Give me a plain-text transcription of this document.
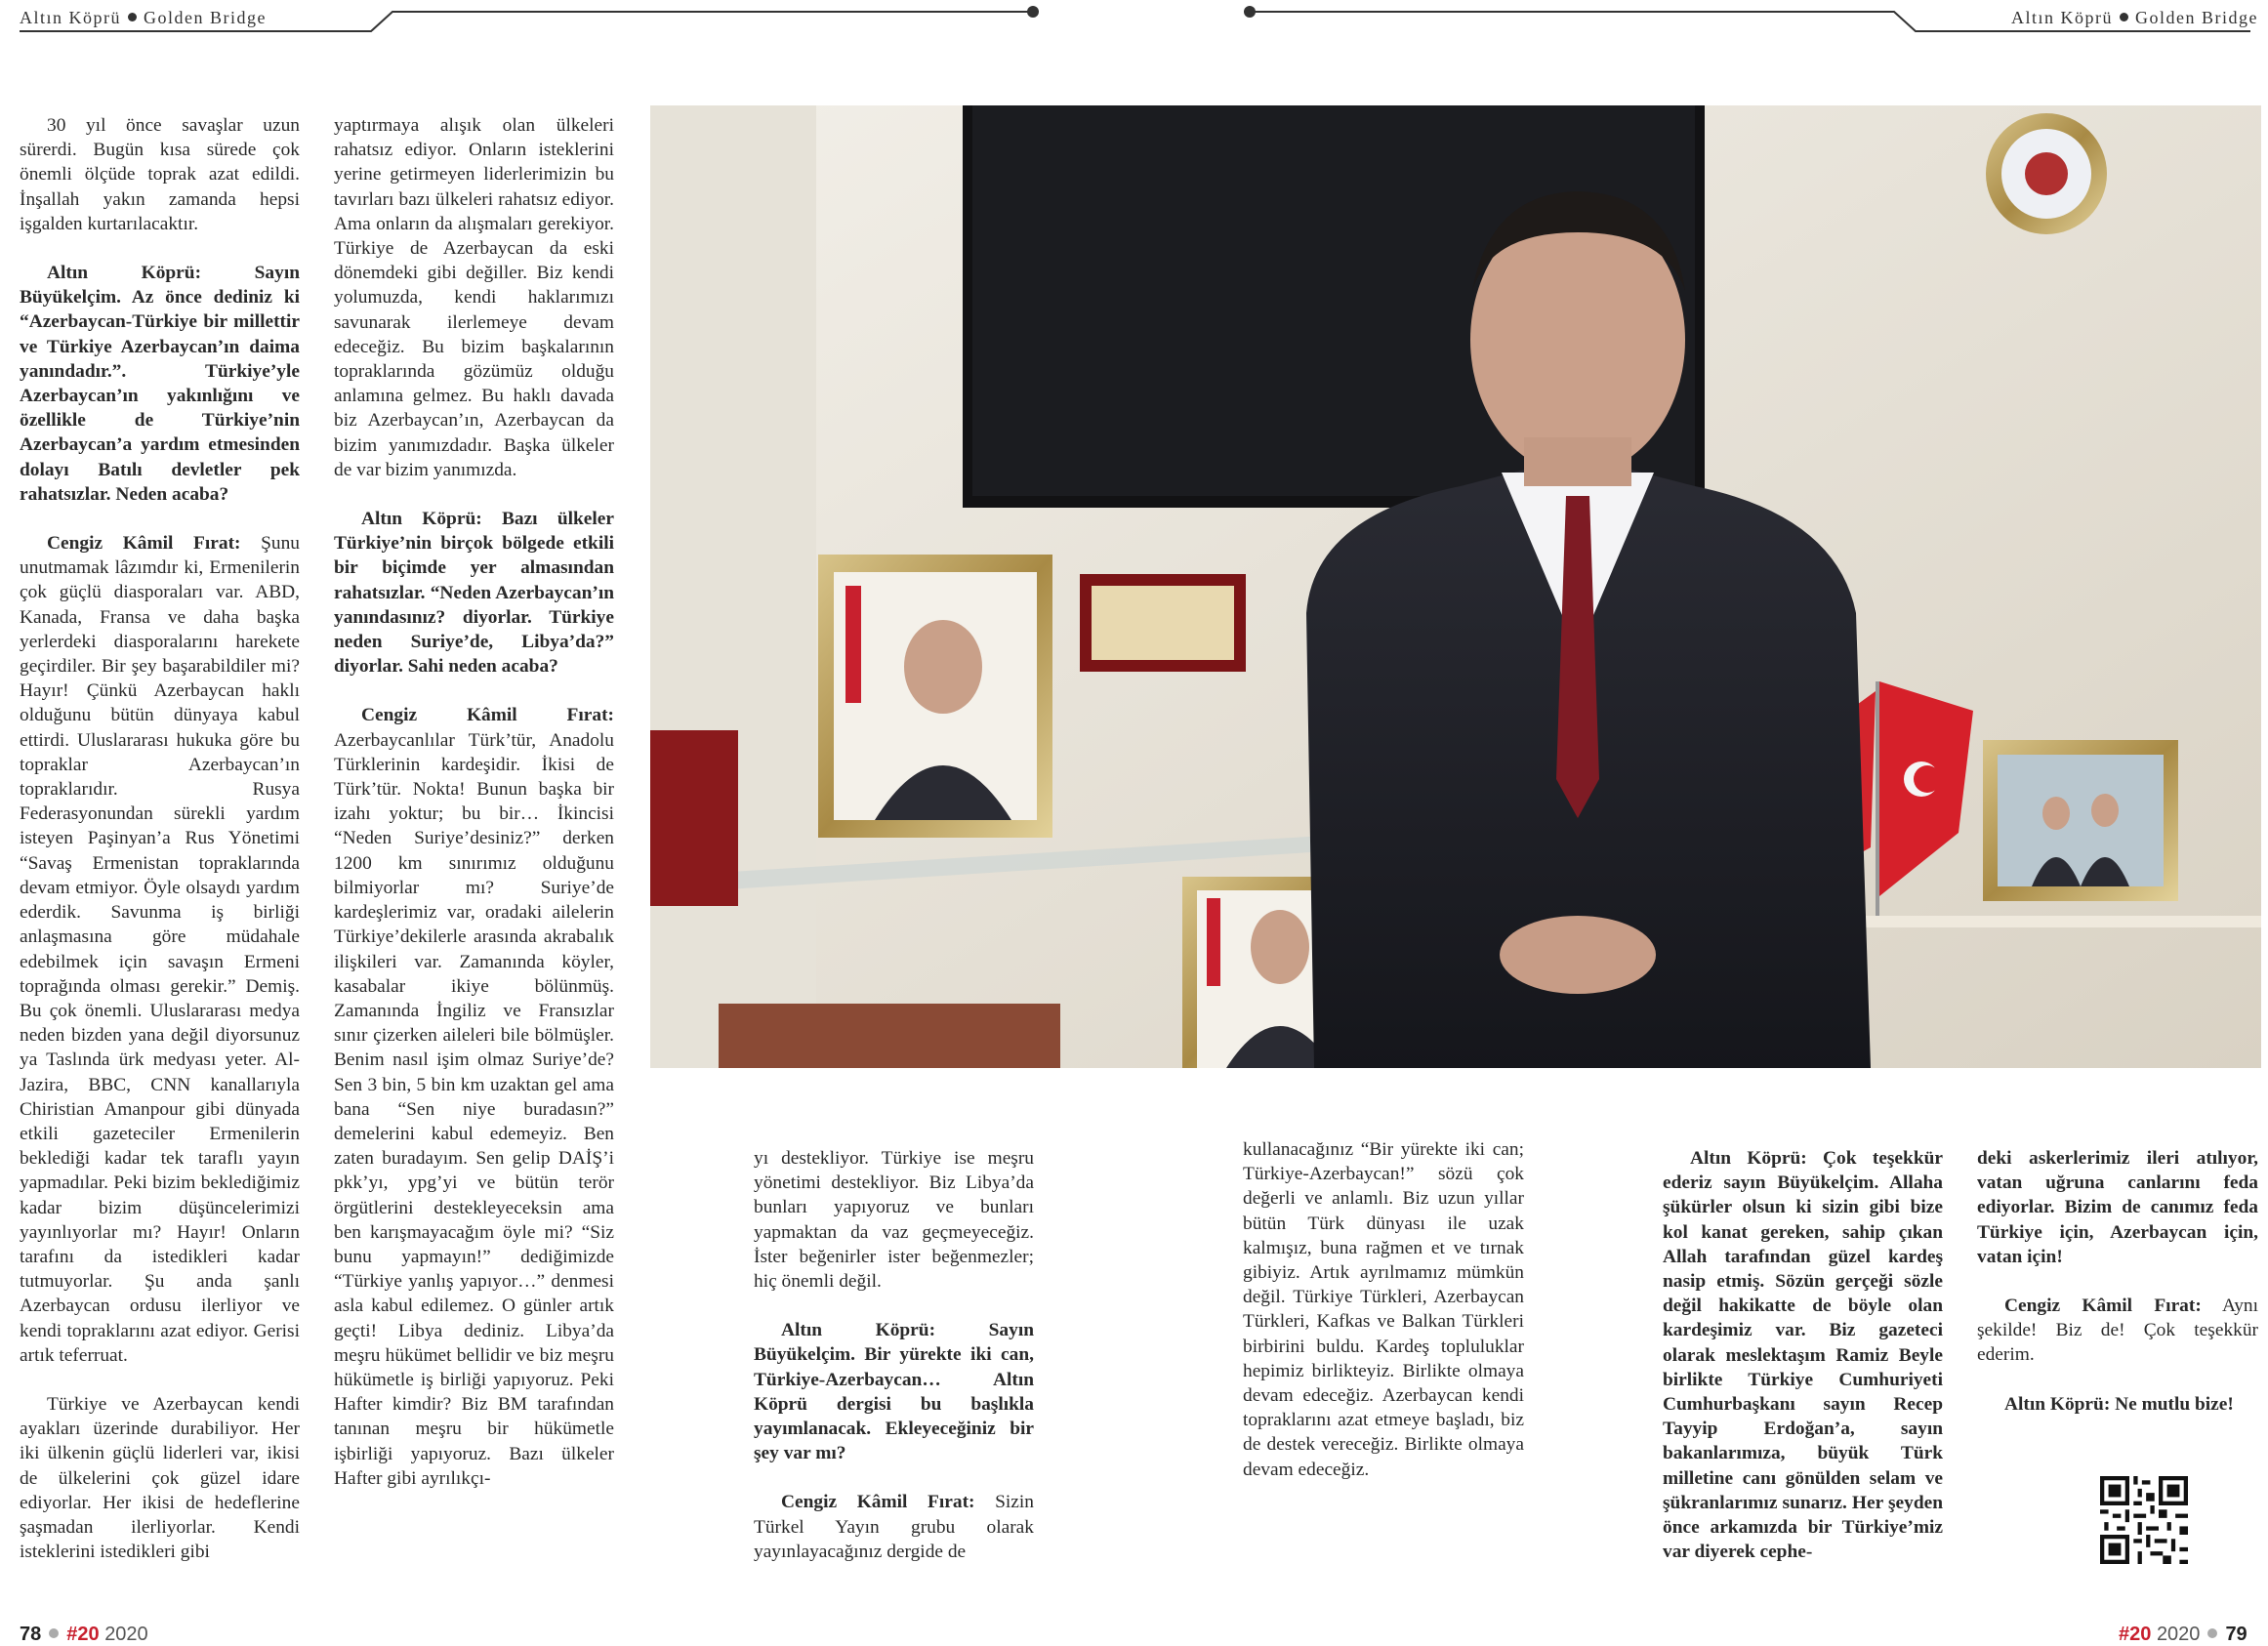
Altın Köprü Golden Bridge	Altın Köprü Golden Bridge

30 yıl önce savaşlar uzun sürerdi. Bugün kısa sürede çok önemli ölçüde toprak azat edildi. İnşallah yakın zamanda hepsi işgalden kurtarılacaktır.

Altın Köprü: Sayın Büyükelçim. Az önce dediniz ki “Azerbaycan-Türkiye bir millettir ve Türkiye Azerbaycan’ın daima yanındadır.”. Türkiye’yle Azerbaycan’ın yakınlığını ve özellikle de Türkiye’nin Azerbaycan’a yardım etmesinden dolayı Batılı devletler pek rahatsızlar. Neden acaba?

Cengiz Kâmil Fırat: Şunu unutmamak lâzımdır ki, Ermenilerin çok güçlü diasporaları var. ABD, Kanada, Fransa ve daha başka yerlerdeki diasporalarını harekete geçirdiler. Bir şey başarabildiler mi? Hayır! Çünkü Azerbaycan haklı olduğunu bütün dünyaya kabul ettirdi. Uluslararası hukuka göre bu topraklar Azerbaycan’ın topraklarıdır. Rusya Federasyonundan sürekli yardım isteyen Paşinyan’a Rus Yönetimi “Savaş Ermenistan topraklarında devam etmiyor. Öyle olsaydı yardım ederdik. Savunma iş birliği anlaşmasına göre müdahale edebilmek için savaşın Ermeni toprağında olması gerekir.” Demiş. Bu çok önemli. Uluslararası medya neden bizden yana değil diyorsunuz ya Taslında ürk medyası yeter. Al-Jazira, BBC, CNN kanallarıyla Chiristian Amanpour gibi dünyada etkili gazeteciler Ermenilerin beklediği kadar tek taraflı yayın yapmadılar. Peki bizim beklediğimiz kadar bizim düşüncelerimizi yayınlıyorlar mı? Hayır! Onların tarafını da istedikleri kadar tutmuyorlar. Şu anda şanlı Azerbaycan ordusu ilerliyor ve kendi topraklarını azat ediyor. Gerisi artık teferruat.

Türkiye ve Azerbaycan kendi ayakları üzerinde durabiliyor. Her iki ülkenin güçlü liderleri var, ikisi de ülkelerini çok güzel idare ediyorlar. Her ikisi de hedeflerine şaşmadan ilerliyorlar. Kendi isteklerini istedikleri gibi

yaptırmaya alışık olan ülkeleri rahatsız ediyor. Onların isteklerini yerine getirmeyen liderlerimizin bu tavırları bazı ülkeleri rahatsız ediyor. Ama onların da alışmaları gerekiyor. Türkiye de Azerbaycan da eski dönemdeki gibi değiller. Biz kendi yolumuzda, kendi haklarımızı savunarak ilerlemeye devam edeceğiz. Bu bizim başkalarının topraklarında gözümüz olduğu anlamına gelmez. Bu haklı davada biz Azerbaycan’ın, Azerbaycan da bizim yanımızdadır. Başka ülkeler de var bizim yanımızda.

Altın Köprü: Bazı ülkeler Türkiye’nin birçok bölgede etkili bir biçimde yer almasından rahatsızlar. “Neden Azerbaycan’ın yanındasınız? diyorlar. Türkiye neden Suriye’de, Libya’da?” diyorlar. Sahi neden acaba?

Cengiz Kâmil Fırat: Azerbaycanlılar Türk’tür, Anadolu Türklerinin kardeşidir. İkisi de Türk’tür. Nokta! Bunun başka bir izahı yoktur; bu bir… İkincisi “Neden Suriye’desiniz?” derken 1200 km sınırımız olduğunu bilmiyorlar mı? Suriye’de kardeşlerimiz var, oradaki ailelerin Türkiye’dekilerle arasında akrabalık ilişkileri var. Zamanında köyler, kasabalar ikiye bölünmüş. Zamanında İngiliz ve Fransızlar sınır çizerken aileleri bile bölmüşler. Benim nasıl işim olmaz Suriye’de? Sen 3 bin, 5 bin km uzaktan gel ama bana “Sen niye buradasın?” demelerini kabul edemeyiz. Ben zaten buradayım. Sen gelip DAİŞ’i pkk’yı, ypg’yi ve bütün terör örgütlerini destekleyeceksin ama ben karışmayacağım öyle mi? “Siz bunu yapmayın!” dediğimizde “Türkiye yanlış yapıyor…” denmesi asla kabul edilemez. O günler artık geçti! Libya dediniz. Libya’da meşru hükümet bellidir ve biz meşru hükümetle iş birliği yapıyoruz. Peki Hafter kimdir? Biz BM tarafından tanınan meşru bir hükümetle işbirliği yapıyoruz. Bazı ülkeler Hafter gibi ayrılıkçı-

yı destekliyor. Türkiye ise meşru yönetimi destekliyor. Biz Libya’da bunları yapıyoruz ve bunları yapmaktan da vaz geçmeyeceğiz. İster beğenirler ister beğenmezler; hiç önemli değil.

Altın Köprü: Sayın Büyükelçim. Bir yürekte iki can, Türkiye-Azerbaycan… Altın Köprü dergisi bu başlıkla yayımlanacak. Ekleyeceğiniz bir şey var mı?

Cengiz Kâmil Fırat: Sizin Türkel Yayın grubu olarak yayınlayacağınız dergide de

kullanacağınız “Bir yürekte iki can; Türkiye-Azerbaycan!” sözü çok değerli ve anlamlı. Biz uzun yıllar bütün Türk dünyası ile uzak kalmışız, buna rağmen et ve tırnak gibiyiz. Artık ayrılmamız mümkün değil. Türkiye Türkleri, Azerbaycan Türkleri, Kafkas ve Balkan Türkleri birbirini buldu. Kardeş topluluklar hepimiz birlikteyiz. Birlikte olmaya devam edeceğiz. Azerbaycan kendi topraklarını azat etmeye başladı, biz de destek vereceğiz. Birlikte olmaya devam edeceğiz.

Altın Köprü: Çok teşekkür ederiz sayın Büyükelçim. Allaha şükürler olsun ki sizin gibi bize kol kanat gereken, sahip çıkan Allah tarafından güzel kardeş nasip etmiş. Sözün gerçeği sözle değil hakikatte de böyle olan kardeşimiz var. Biz gazeteci olarak meslektaşım Ramiz Beyle birlikte Türkiye Cumhuriyeti Cumhurbaşkanı sayın Recep Tayyip Erdoğan’a, sayın bakanlarımıza, büyük Türk milletine canı gönülden selam ve şükranlarımız sunarız. Her şeyden önce arkamızda bir Türkiye’miz var diyerek cephe-

deki askerlerimiz ileri atılıyor, vatan uğruna canlarını feda ediyorlar. Bizim de canımız feda Türkiye için, Azerbaycan için, vatan için!

Cengiz Kâmil Fırat: Aynı şekilde! Biz de! Çok teşekkür ederim.

Altın Köprü: Ne mutlu bize!

78 #20 2020	#20 2020 79
